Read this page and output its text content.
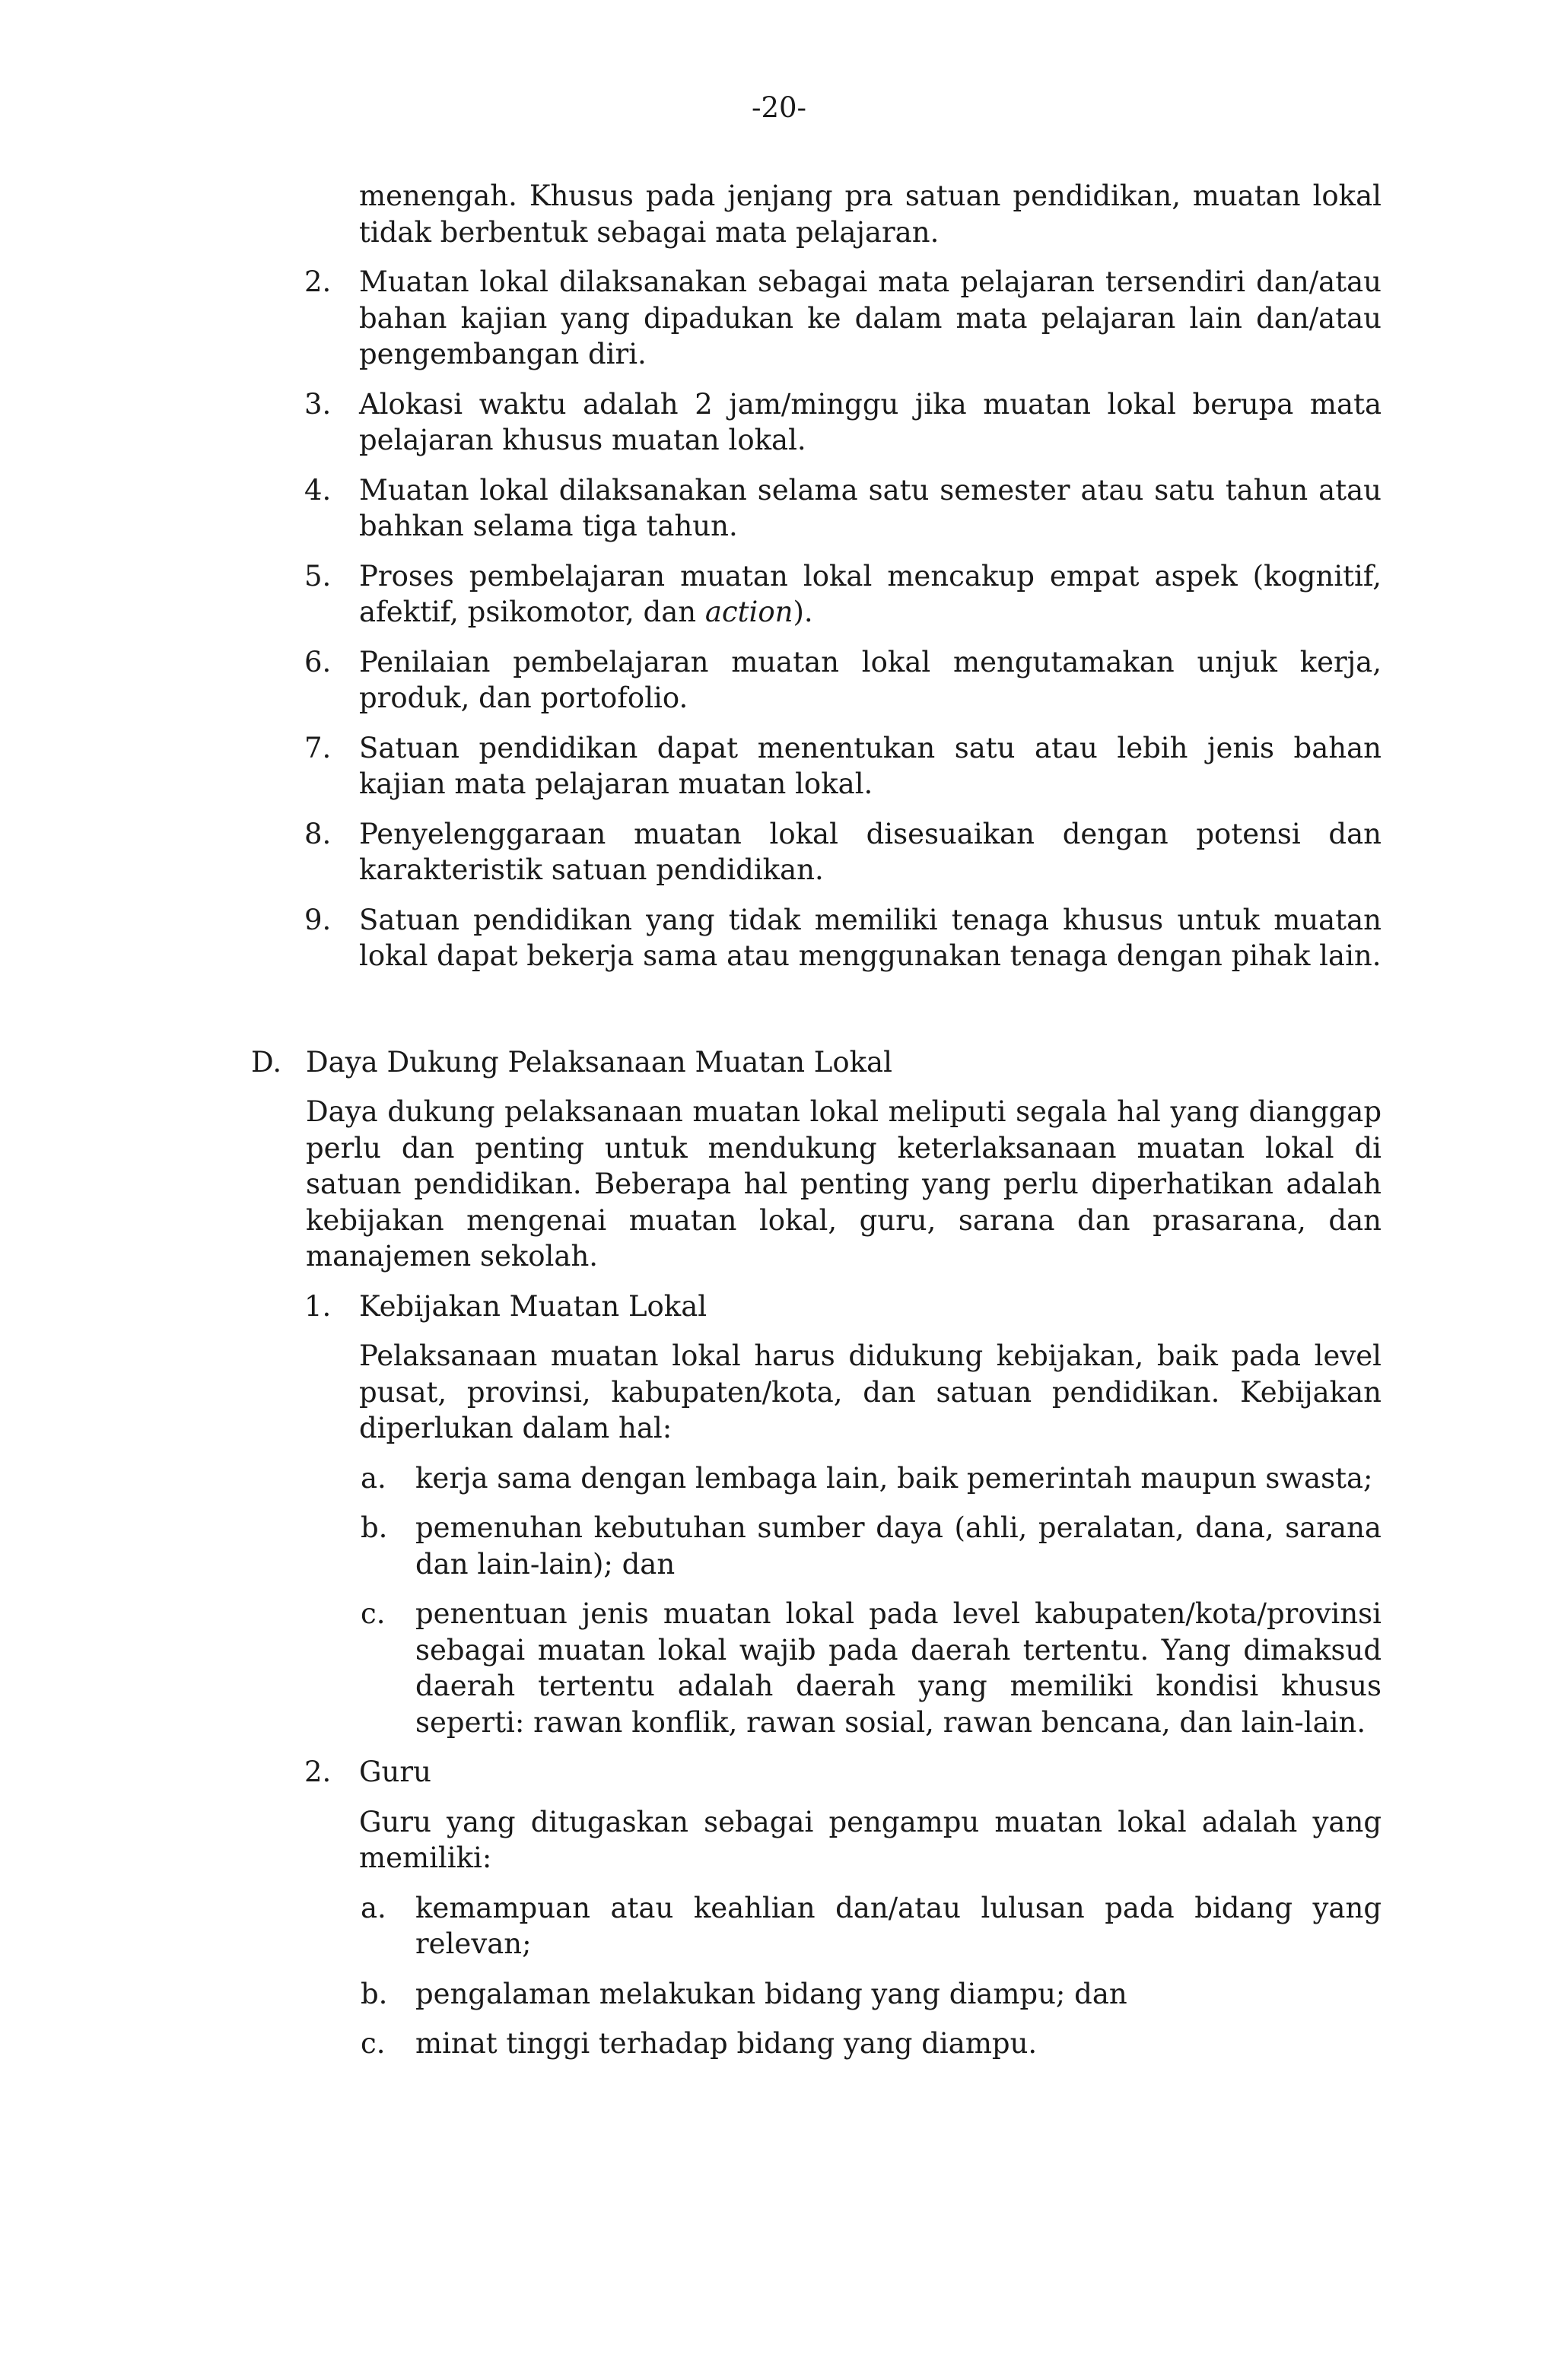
-20-

menengah. Khusus pada jenjang pra satuan pendidikan, muatan lokal tidak berbentuk sebagai mata pelajaran.

2. Muatan lokal dilaksanakan sebagai mata pelajaran tersendiri dan/atau bahan kajian yang dipadukan ke dalam mata pelajaran lain dan/atau pengembangan diri.

3. Alokasi waktu adalah 2 jam/minggu jika muatan lokal berupa mata pelajaran khusus muatan lokal.

4. Muatan lokal dilaksanakan selama satu semester atau satu tahun atau bahkan selama tiga tahun.

5. Proses pembelajaran muatan lokal mencakup empat aspek (kognitif, afektif, psikomotor, dan action).

6. Penilaian pembelajaran muatan lokal mengutamakan unjuk kerja, produk, dan portofolio.

7. Satuan pendidikan dapat menentukan satu atau lebih jenis bahan kajian mata pelajaran muatan lokal.

8. Penyelenggaraan muatan lokal disesuaikan dengan potensi dan karakteristik satuan pendidikan.

9. Satuan pendidikan yang tidak memiliki tenaga khusus untuk muatan lokal dapat bekerja sama atau menggunakan tenaga dengan pihak lain.

D. Daya Dukung Pelaksanaan Muatan Lokal

Daya dukung pelaksanaan muatan lokal meliputi segala hal yang dianggap perlu dan penting untuk mendukung keterlaksanaan muatan lokal di satuan pendidikan. Beberapa hal penting yang perlu diperhatikan adalah kebijakan mengenai muatan lokal, guru, sarana dan prasarana, dan manajemen sekolah.

1. Kebijakan Muatan Lokal

Pelaksanaan muatan lokal harus didukung kebijakan, baik pada level pusat, provinsi, kabupaten/kota, dan satuan pendidikan. Kebijakan diperlukan dalam hal:

a.	kerja sama dengan lembaga lain, baik pemerintah maupun swasta;

b. pemenuhan kebutuhan sumber daya (ahli, peralatan, dana, sarana dan lain-lain); dan

c.	penentuan jenis muatan lokal pada level kabupaten/kota/provinsi sebagai muatan lokal wajib pada daerah tertentu. Yang dimaksud daerah tertentu adalah daerah yang memiliki kondisi khusus seperti: rawan konflik, rawan sosial, rawan bencana, dan lain-lain.

2. Guru

Guru yang ditugaskan sebagai pengampu muatan lokal adalah yang memiliki:

a.	kemampuan atau keahlian dan/atau lulusan pada bidang yang relevan;

b. pengalaman melakukan bidang yang diampu; dan

c.	minat tinggi terhadap bidang yang diampu.
